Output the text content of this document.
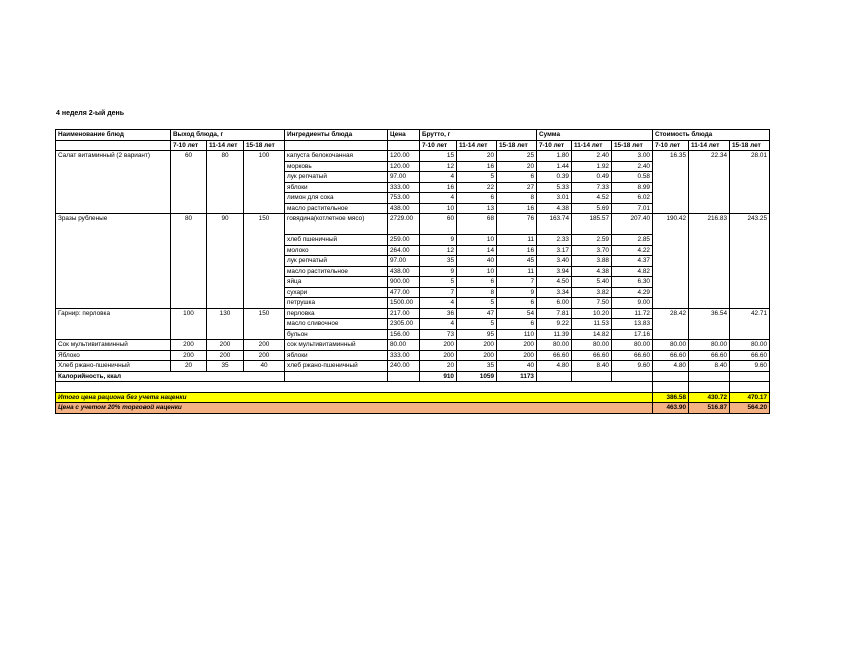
4 неделя 2-ый день
Наименование блюд	Выход блюда, г			Ингредиенты блюда	Цена	Брутто, г			Сумма			Стоимость блюда		
	7-10 лет	11-14 лет	15-18 лет			7-10 лет	11-14 лет	15-18 лет	7-10 лет	11-14 лет	15-18 лет	7-10 лет	11-14 лет	15-18 лет
Салат витаминный (2 вариант)	60	80	100	капуста белокочанная	120.00	15	20	25	1.80	2.40	3.00	16.35	22.34	28.01
				морковь	120.00	12	16	20	1.44	1.92	2.40			
				лук репчатый	97.00	4	5	6	0.39	0.49	0.58			
				яблоки	333.00	16	22	27	5.33	7.33	8.99			
				лимон для сока	753.00	4	6	8	3.01	4.52	6.02			
				масло растительное	438.00	10	13	16	4.38	5.69	7.01			
Зразы рубленые	80	90	150	говядина(котлетное мясо)	2729.00	60	68	76	163.74	185.57	207.40	190.42	216.83	243.25
				хлеб пшеничный	259.00	9	10	11	2.33	2.59	2.85			
				молоко	264.00	12	14	16	3.17	3.70	4.22			
				лук репчатый	97.00	35	40	45	3.40	3.88	4.37			
				масло растительное	438.00	9	10	11	3.94	4.38	4.82			
				яйца	900.00	5	6	7	4.50	5.40	6.30			
				сухари	477.00	7	8	9	3.34	3.82	4.29			
				петрушка	1500.00	4	5	6	6.00	7.50	9.00			
Гарнир: перловка	100	130	150	перловка	217.00	36	47	54	7.81	10.20	11.72	28.42	36.54	42.71
				масло сливочное	2305.00	4	5	6	9.22	11.53	13.83			
				бульон	156.00	73	95	110	11.39	14.82	17.16			
Сок мультивитаминный	200	200	200	сок мультивитаминный	80.00	200	200	200	80.00	80.00	80.00	80.00	80.00	80.00
Яблоко	200	200	200	яблоки	333.00	200	200	200	66.60	66.60	66.60	66.60	66.60	66.60
Хлеб ржано-пшеничный	20	35	40	хлеб ржано-пшеничный	240.00	20	35	40	4.80	8.40	9.60	4.80	8.40	9.60
Калорийность, ккал						910	1059	1173						

Итого цена рациона без учета наценки												386.58	430.72	470.17
Цена с учетом 20% торговой наценки												463.90	516.87	564.20
